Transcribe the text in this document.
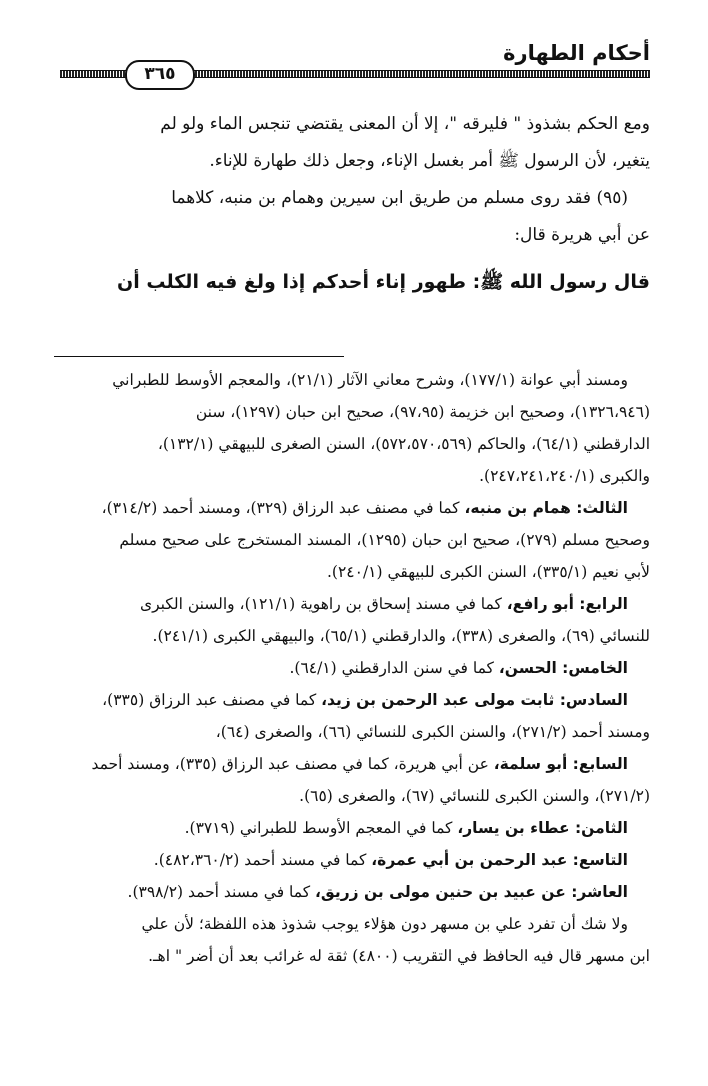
أحكام الطهارة
٣٦٥

ومع الحكم بشذوذ " فليرقه "، إلا أن المعنى يقتضي تنجس الماء ولو لم

يتغير، لأن الرسول ﷺ أمر بغسل الإناء، وجعل ذلك طهارة للإناء.

(٩٥) فقد روى مسلم من طريق ابن سيرين وهمام بن منبه، كلاهما

عن أبي هريرة قال:

قال رسول الله ﷺ: طهور إناء أحدكم إذا ولغ فيه الكلب أن

ومسند أبي عوانة (١٧٧/١)، وشرح معاني الآثار (٢١/١)، والمعجم الأوسط للطبراني

(١٣٢٦،٩٤٦)، وصحيح ابن خزيمة (٩٧،٩٥)، صحيح ابن حبان (١٢٩٧)، سنن

الدارقطني (٦٤/١)، والحاكم (٥٧٢،٥٧٠،٥٦٩)، السنن الصغرى للبيهقي (١٣٢/١)،

والكبرى (٢٤٧،٢٤١،٢٤٠/١).

الثالث: همام بن منبه، كما في مصنف عبد الرزاق (٣٢٩)، ومسند أحمد (٣١٤/٢)،

وصحيح مسلم (٢٧٩)، صحيح ابن حبان (١٢٩٥)، المسند المستخرج على صحيح مسلم

لأبي نعيم (٣٣٥/١)، السنن الكبرى للبيهقي (٢٤٠/١).

الرابع: أبو رافع، كما في مسند إسحاق بن راهوية (١٢١/١)، والسنن الكبرى

للنسائي (٦٩)، والصغرى (٣٣٨)، والدارقطني (٦٥/١)، والبيهقي الكبرى (٢٤١/١).

الخامس: الحسن، كما في سنن الدارقطني (٦٤/١).

السادس: ثابت مولى عبد الرحمن بن زيد، كما في مصنف عبد الرزاق (٣٣٥)،

ومسند أحمد (٢٧١/٢)، والسنن الكبرى للنسائي (٦٦)، والصغرى (٦٤)،

السابع: أبو سلمة، عن أبي هريرة، كما في مصنف عبد الرزاق (٣٣٥)، ومسند أحمد

(٢٧١/٢)، والسنن الكبرى للنسائي (٦٧)، والصغرى (٦٥).

الثامن: عطاء بن يسار، كما في المعجم الأوسط للطبراني (٣٧١٩).

التاسع: عبد الرحمن بن أبي عمرة، كما في مسند أحمد (٤٨٢،٣٦٠/٢).

العاشر: عن عبيد بن حنين مولى بن زريق، كما في مسند أحمد (٣٩٨/٢).

ولا شك أن تفرد علي بن مسهر دون هؤلاء يوجب شذوذ هذه اللفظة؛ لأن علي

ابن مسهر قال فيه الحافظ في التقريب (٤٨٠٠) ثقة له غرائب بعد أن أضر " اهـ.
